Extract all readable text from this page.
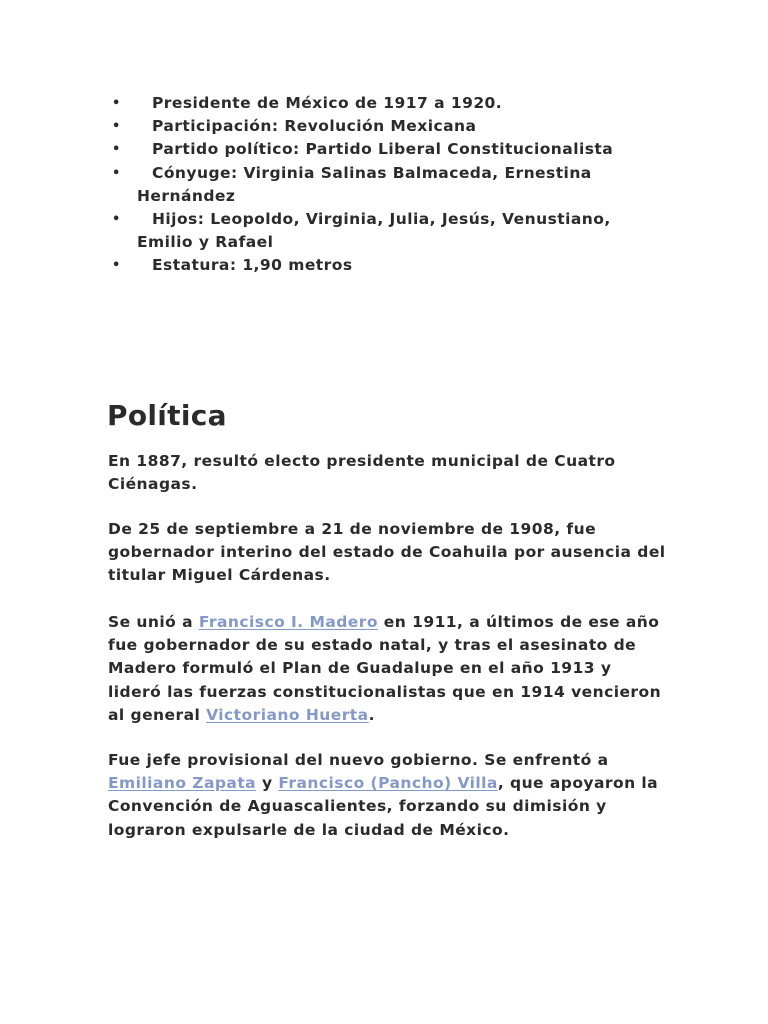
• Presidente de México de 1917 a 1920.
• Participación: Revolución Mexicana
• Partido político: Partido Liberal Constitucionalista
• Cónyuge: Virginia Salinas Balmaceda, Ernestina Hernández
• Hijos: Leopoldo, Virginia, Julia, Jesús, Venustiano, Emilio y Rafael
• Estatura: 1,90 metros
Política

En 1887, resultó electo presidente municipal de Cuatro Ciénagas.

De 25 de septiembre a 21 de noviembre de 1908, fue gobernador interino del estado de Coahuila por ausencia del titular Miguel Cárdenas.

Se unió a Francisco I. Madero en 1911, a últimos de ese año fue gobernador de su estado natal, y tras el asesinato de Madero formuló el Plan de Guadalupe en el año 1913 y lideró las fuerzas constitucionalistas que en 1914 vencieron al general Victoriano Huerta.

Fue jefe provisional del nuevo gobierno. Se enfrentó a Emiliano Zapata y Francisco (Pancho) Villa, que apoyaron la Convención de Aguascalientes, forzando su dimisión y lograron expulsarle de la ciudad de México.
